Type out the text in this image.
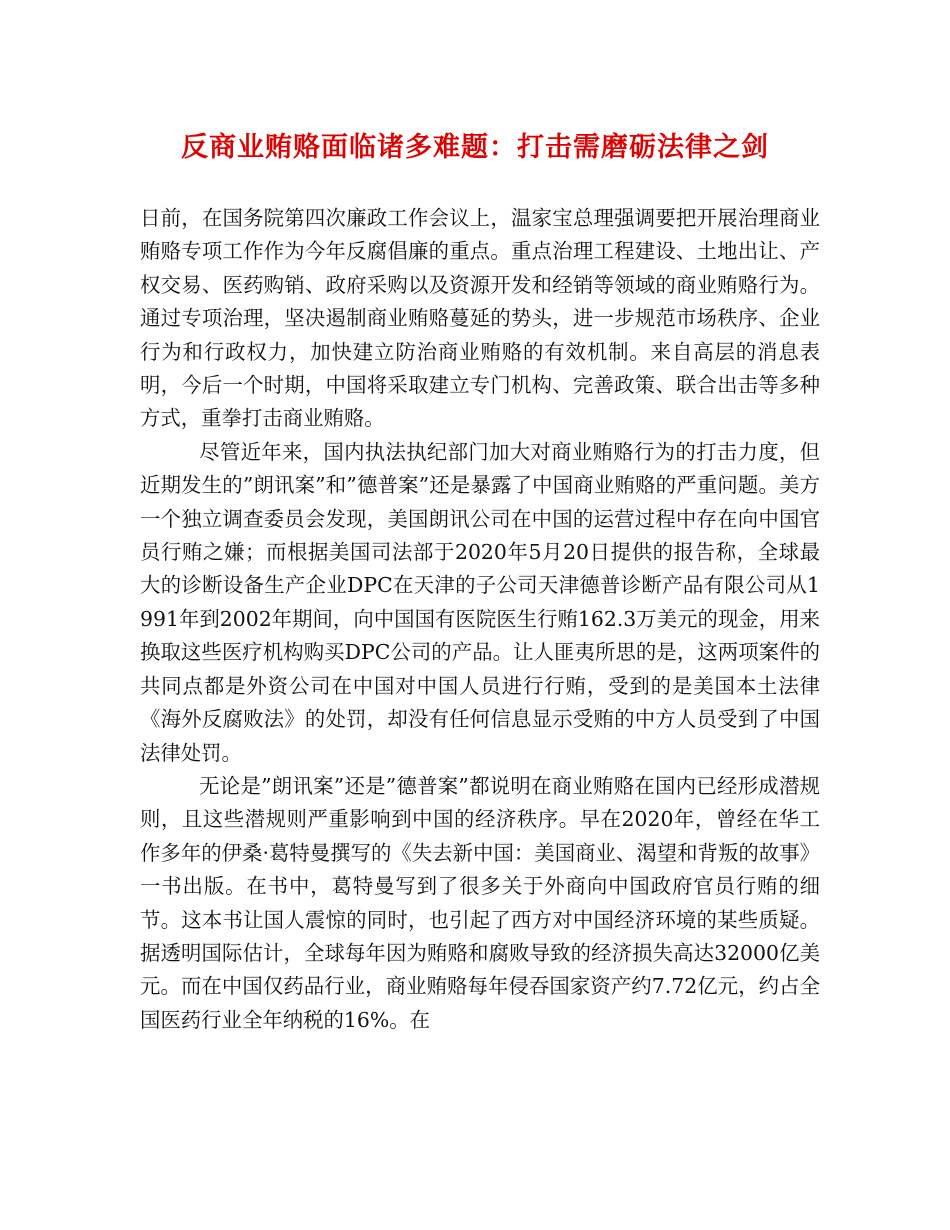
反商业贿赂面临诸多难题：打击需磨砺法律之剑

日前，在国务院第四次廉政工作会议上，温家宝总理强调要把开展治理商业贿赂专项工作作为今年反腐倡廉的重点。重点治理工程建设、土地出让、产权交易、医药购销、政府采购以及资源开发和经销等领域的商业贿赂行为。通过专项治理，坚决遏制商业贿赂蔓延的势头，进一步规范市场秩序、企业行为和行政权力，加快建立防治商业贿赂的有效机制。来自高层的消息表明，今后一个时期，中国将采取建立专门机构、完善政策、联合出击等多种方式，重拳打击商业贿赂。

尽管近年来，国内执法执纪部门加大对商业贿赂行为的打击力度，但近期发生的”朗讯案”和”德普案”还是暴露了中国商业贿赂的严重问题。美方一个独立调查委员会发现，美国朗讯公司在中国的运营过程中存在向中国官员行贿之嫌；而根据美国司法部于2020年5月20日提供的报告称，全球最大的诊断设备生产企业DPC在天津的子公司天津德普诊断产品有限公司从1991年到2002年期间，向中国国有医院医生行贿162.3万美元的现金，用来换取这些医疗机构购买DPC公司的产品。让人匪夷所思的是，这两项案件的共同点都是外资公司在中国对中国人员进行行贿，受到的是美国本土法律《海外反腐败法》的处罚，却没有任何信息显示受贿的中方人员受到了中国法律处罚。

无论是”朗讯案”还是”德普案”都说明在商业贿赂在国内已经形成潜规则，且这些潜规则严重影响到中国的经济秩序。早在2020年，曾经在华工作多年的伊桑·葛特曼撰写的《失去新中国：美国商业、渴望和背叛的故事》一书出版。在书中，葛特曼写到了很多关于外商向中国政府官员行贿的细节。这本书让国人震惊的同时，也引起了西方对中国经济环境的某些质疑。据透明国际估计，全球每年因为贿赂和腐败导致的经济损失高达32000亿美元。而在中国仅药品行业，商业贿赂每年侵吞国家资产约7.72亿元，约占全国医药行业全年纳税的16%。在
